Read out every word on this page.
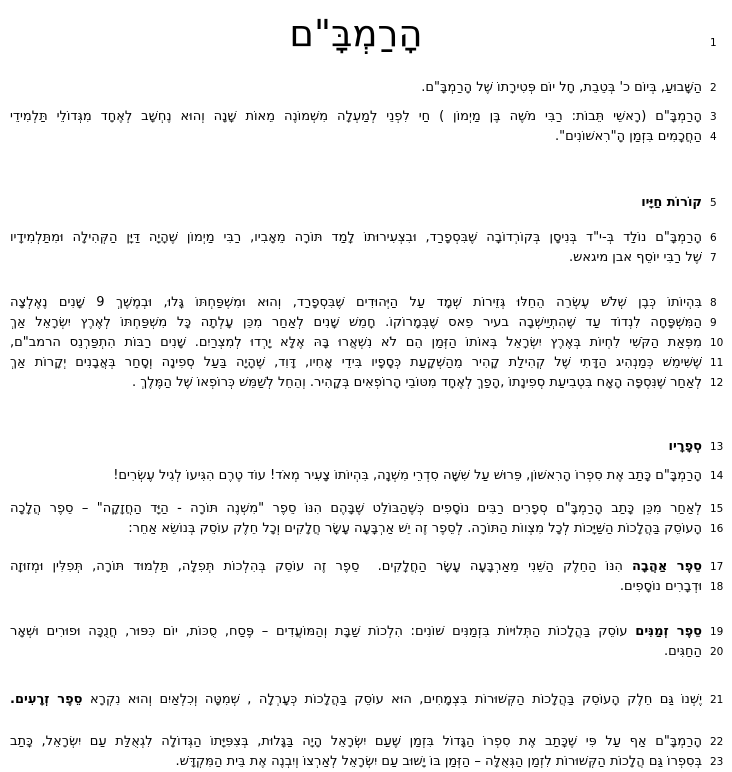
הָרַמְבָּ"ם	1
הַשָּׁבוּעַ, בְּיוֹם כ' בְּטֵבֵת, חָל יוֹם פְּטִירָתוֹ שֶׁל הָרַמְבָּ"ם. 2
הָרַמְבָּ"ם (רָאשֵׁי תֵּבוֹת: רַבִּי מֹשֶׁה בֶּן מַיְמוֹן ) חַי לִפְנֵי לְמַעְלָה מִשְׁמוֹנֶה מֵאוֹת שָׁנָה וְהוּא נֶחְשָׁב לְאֶחָד מִגְּדוֹלֵי תַּלְמִידֵי 3
הַחֲכָמִים בִּזְמַן הָ"רִאשׁוֹנִים". 4
קוֹרוֹת חַיָּיו 5
הָרַמְבָּ"ם נוֹלַד בְּ-י"ד בְּנִיסָן בְּקוֹרְדוֹבָה שֶׁבִּסְפָרַד, וּבִצְעִירוּתוֹ לָמַד תּוֹרָה מֵאָבִיו, רַבִּי מַיְמוֹן שֶׁהָיָה דַּיָּן הַקְּהִילָה וּמִתַּלְמִידָיו 6
שֶׁל רַבִּי יוֹסֵף אבן מיגאש. 7
בִּהְיוֹתוֹ כְּבֶן שְׁלֹשׁ עֶשְׂרֵה הֵחֵלּוּ גְּזֵירוֹת שְׁמָד עַל הַיְּהוּדִים שֶׁבִּסְפָרַד, וְהוּא וּמִשְׁפַּחְתּוֹ גָּלוּ, וּבְמֶשֶׁךְ 9 שָׁנִים נֶאֶלְצָה 8
הַמִּשְׁפָּחָה לִנְדוֹד עַד שֶׁהִתְיַישְׁבָה בעיר פֵאס שֶׁבְּמָרוֹקוֹ. חָמֵשׁ שָׁנִים לְאַחַר מִכֵּן עָלְתָה כָּל מִשְׁפַּחְתּוֹ לְאֶרֶץ יִשְׂרָאֵל אַךְ 9
מִפְּאַת הַקֹּשִׁי לִחְיוֹת בְּאֶרֶץ יִשְׂרָאֵל בְּאוֹתוֹ הַזְּמַן הֵם לֹא נִשְׁאֲרוּ בָּהּ אֶלָּא יָרְדוּ לְמִצְרַיִם. שָׁנִים רַבּוֹת הִתְפַּרְנֵס הרמב"ם, 10
שֶׁשִּׁימֵשׁ כְּמַנְהִיג הַדָּתִי שֶׁל קְהִילַת קָהִיר מֵהַשְׁקָעַת כְּסָפָיו בִּידֵי אָחִיו, דָּוִד, שֶׁהָיָה בַּעַל סְפִינָה וְסָחַר בְּאֲבָנִים יְקָרוֹת אַךְ 11
לְאַחַר שֶׁנִּסְפָּה הָאָח בִּטְבִיעַת סְפִינָתוֹ ,הָפַךְ לְאֶחָד מִטּוֹבֵי הָרוֹפְאִים בְּקָהִיר. וְהֵחֵל לְשַׁמֵּשׁ כְּרוֹפְאוֹ שֶׁל הַמֶּלֶךְ . 12
סְפָרָיו 13
הָרַמְבָּ"ם כָּתַב אֶת סִפְרוֹ הָרִאשׁוֹן, פֵּרוּשׁ עַל שִׁשָּׁה סִדְרֵי מִשְׁנָה, בִּהְיוֹתוֹ צָעִיר מְאֹד! עוֹד טֶרֶם הִגִּיעוֹ לְגִיל עֶשְׂרִים! 14
לְאַחַר מִכֵּן כָּתַב הָרַמְבָּ"ם סְפָרִים רַבִּים נוֹסָפִים כְּשֶׁהַבּוֹלֵט שֶׁבָּהֶם הִנּוֹ סֵפֶר "מִשְׁנֶה תּוֹרָה - הַיָּד הַחֲזָקָה" – סֵפֶר הֲלָכָה 15
הָעוֹסֵק בַּהֲלָכוֹת הַשַּׁיָּכוֹת לְכָל מִצְווֹת הַתּוֹרָה. לְסֵפֶר זֶה יֵשׁ אַרְבָּעָה עָשָׂר חֲלָקִים וְכָל חֵלֶק עוֹסֵק בְּנוֹשֵׂא אַחֵר: 16
סֵפֶר אַהֲבָה הִנּוֹ הַחֵלֶק הַשֵּׁנִי מֵאַרְבָּעָה עָשָׂר הַחֲלָקִים.  סֵפֶר זֶה עוֹסֵק בְּהִלְכוֹת תְּפִלָּה, תַּלְמוּד תּוֹרָה, תְּפִלִּין וּמְזוּזָה	17
וּדְבָרִים נוֹסָפִים. 18
סֵפֶר זְמַנִּים עוֹסֵק בַּהֲלָכוֹת הַתְּלוּיוֹת בִּזְמַנִּים שׁוֹנִים: הִלְכוֹת שַׁבָּת וְהַמּוֹעֲדִים – פֶּסַח, סֻכּוֹת, יוֹם כִּפּוּר, חֲנֻכָּה וּפוּרִים וּשְׁאָר	19
הַחַגִּים. 20
יֶשְׁנוֹ גַּם חֵלֶק הָעוֹסֵק בַּהֲלָכוֹת הַקְּשׁוּרוֹת בִּצְמָחִים, הוּא עוֹסֵק בַּהֲלָכוֹת כְּעָרְלָה , שְׁמִטָּה וְכִלְאַיִם וְהוּא נִקְרָא סֵפֶר זְרָעִים.	21
הָרַמְבָּ"ם אַף עַל פִּי שֶׁכָּתַב אֶת סִפְרוֹ הַגָּדוֹל בִּזְמַן שֶׁעַם יִשְׂרָאֵל הָיָה בַּגָּלוּת, בְּצִפִּיָּתוֹ הַגְּדוֹלָה לִגְאֻלַּת עַם יִשְׂרָאֵל, כָּתַב 22
בְּסִפְרוֹ גַּם הֲלָכוֹת הַקְּשׁוּרוֹת לִזְמַן הַגְּאֻלָּה – הַזְּמַן בּוֹ יָשׁוּב עַם יִשְׂרָאֵל לְאַרְצוֹ וְיִבְנֶה אֶת בֵּית הַמִּקְדָּשׁ. 23
